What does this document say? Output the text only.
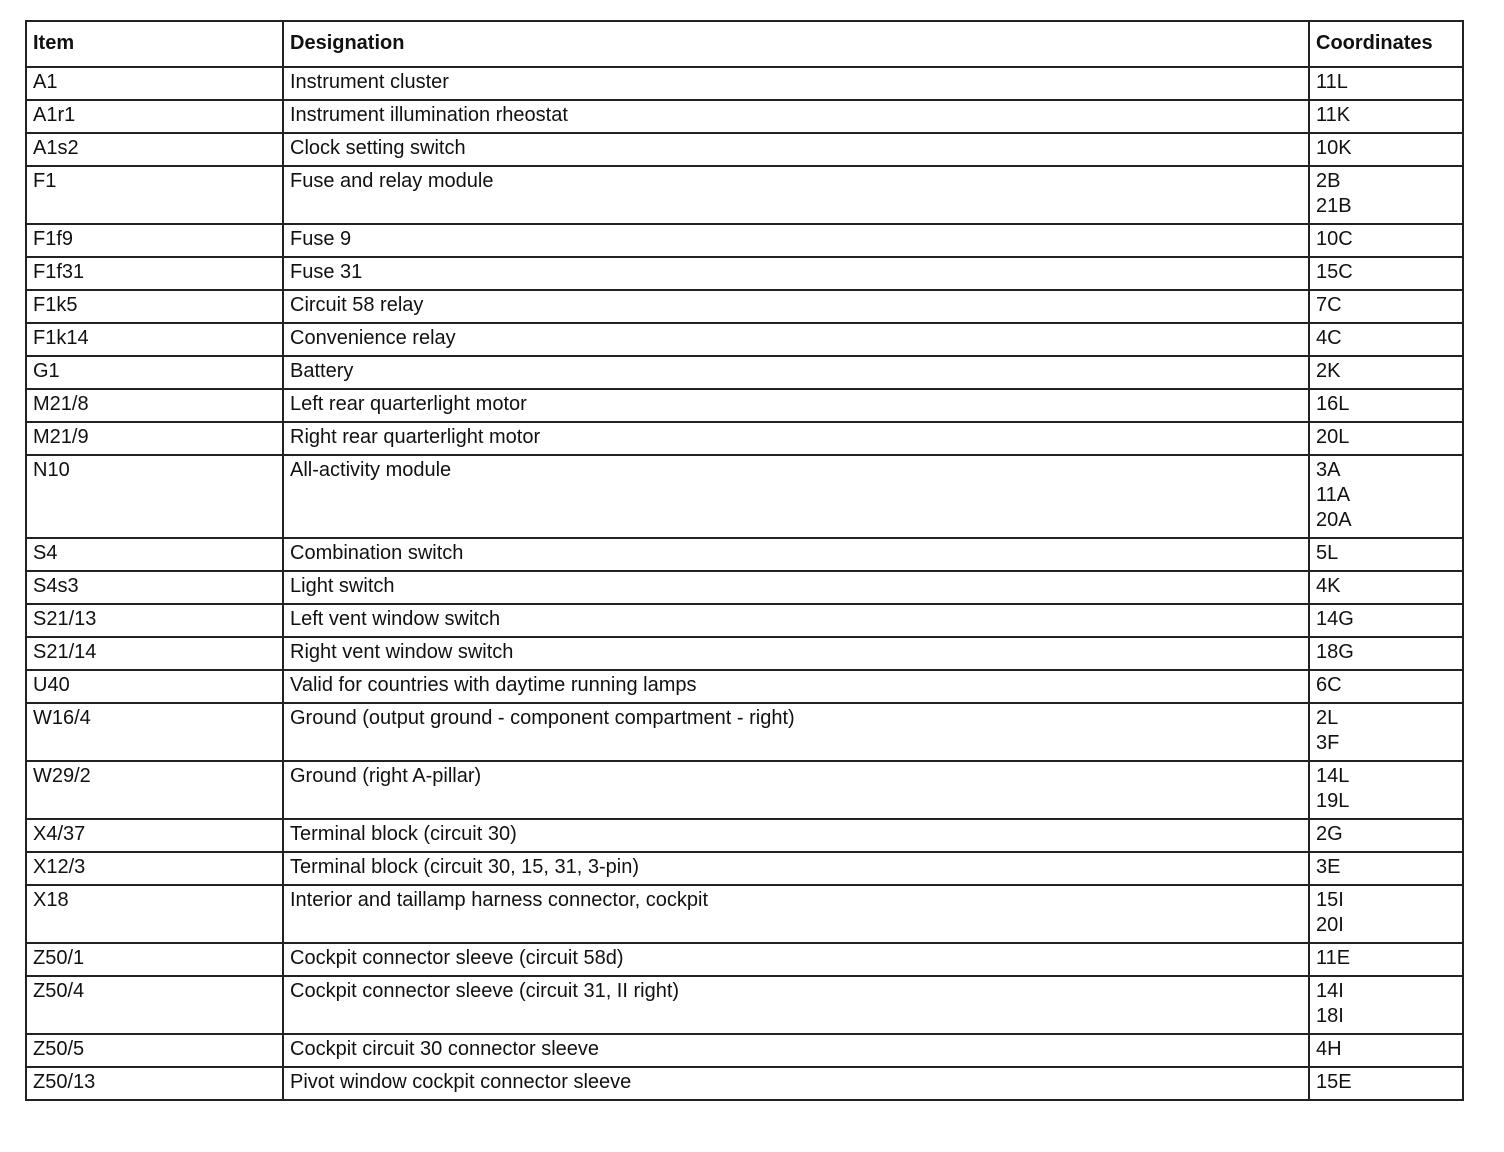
Item	Designation	Coordinates
A1	Instrument cluster	11L

A1r1	Instrument illumination rheostat	11K

A1s2	Clock setting switch	10K

F1	Fuse and relay module	2B
21B

F1f9	Fuse 9	10C

F1f31	Fuse 31	15C

F1k5	Circuit 58 relay	7C

F1k14	Convenience relay	4C

G1	Battery	2K

M21/8	Left rear quarterlight motor	16L

M21/9	Right rear quarterlight motor	20L

N10	All-activity module	3A
11A
20A

S4	Combination switch	5L

S4s3	Light switch	4K

S21/13	Left vent window switch	14G

S21/14	Right vent window switch	18G

U40	Valid for countries with daytime running lamps	6C

W16/4	Ground (output ground - component compartment - right)	2L
3F

W29/2	Ground (right A-pillar)	14L
19L

X4/37	Terminal block (circuit 30)	2G

X12/3	Terminal block (circuit 30, 15, 31, 3-pin)	3E

X18	Interior and taillamp harness connector, cockpit	15I
20I

Z50/1	Cockpit connector sleeve (circuit 58d)	11E

Z50/4	Cockpit connector sleeve (circuit 31, II right)	14I
18I

Z50/5	Cockpit circuit 30 connector sleeve	4H

Z50/13	Pivot window cockpit connector sleeve	15E
